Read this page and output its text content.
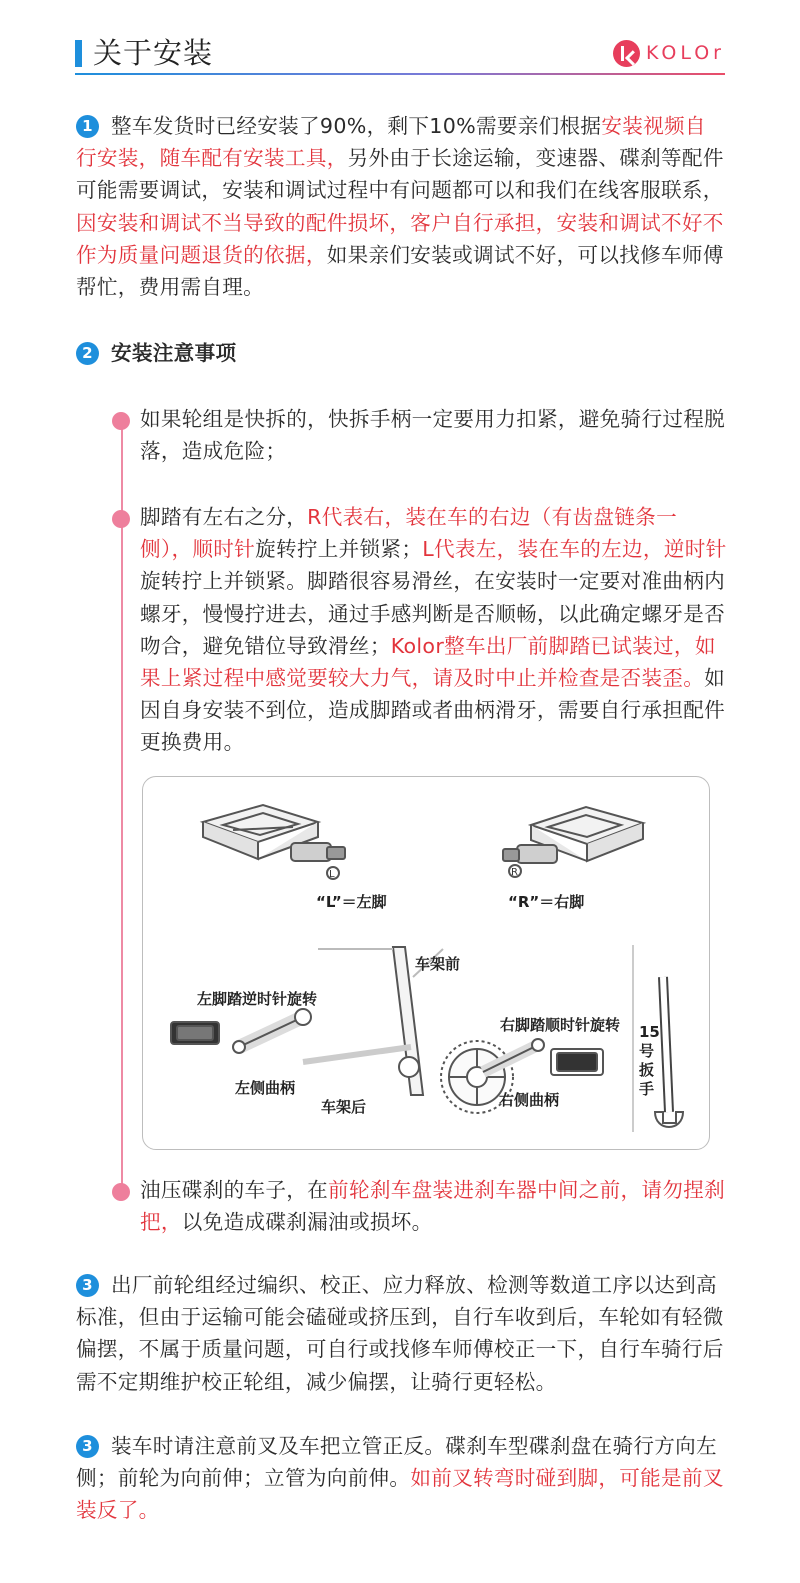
关于安装	KOLOr

1 整车发货时已经安装了90%，剩下10%需要亲们根据安装视频自行安装，随车配有安装工具，另外由于长途运输，变速器、碟刹等配件可能需要调试，安装和调试过程中有问题都可以和我们在线客服联系，因安装和调试不当导致的配件损坏，客户自行承担，安装和调试不好不作为质量问题退货的依据，如果亲们安装或调试不好，可以找修车师傅帮忙，费用需自理。

2 安装注意事项

1 如果轮组是快拆的，快拆手柄一定要用力扣紧，避免骑行过程脱落，造成危险；

2 脚踏有左右之分，R代表右，装在车的右边（有齿盘链条一侧），顺时针旋转拧上并锁紧；L代表左，装在车的左边，逆时针旋转拧上并锁紧。脚踏很容易滑丝，在安装时一定要对准曲柄内螺牙，慢慢拧进去，通过手感判断是否顺畅，以此确定螺牙是否吻合，避免错位导致滑丝；Kolor整车出厂前脚踏已试装过，如果上紧过程中感觉要较大力气，请及时中止并检查是否装歪。如因自身安装不到位，造成脚踏或者曲柄滑牙，需要自行承担配件更换费用。

L	R
“L”＝左脚	“R”＝右脚
车架前
左脚踏逆时针旋转
右脚踏顺时针旋转
左侧曲柄
车架后	右侧曲柄
15号扳手

3 油压碟刹的车子，在前轮刹车盘装进刹车器中间之前，请勿捏刹把，以免造成碟刹漏油或损坏。

3 出厂前轮组经过编织、校正、应力释放、检测等数道工序以达到高标准，但由于运输可能会磕碰或挤压到，自行车收到后，车轮如有轻微偏摆，不属于质量问题，可自行或找修车师傅校正一下，自行车骑行后需不定期维护校正轮组，减少偏摆，让骑行更轻松。

3 装车时请注意前叉及车把立管正反。碟刹车型碟刹盘在骑行方向左侧；前轮为向前伸；立管为向前伸。如前叉转弯时碰到脚，可能是前叉装反了。
